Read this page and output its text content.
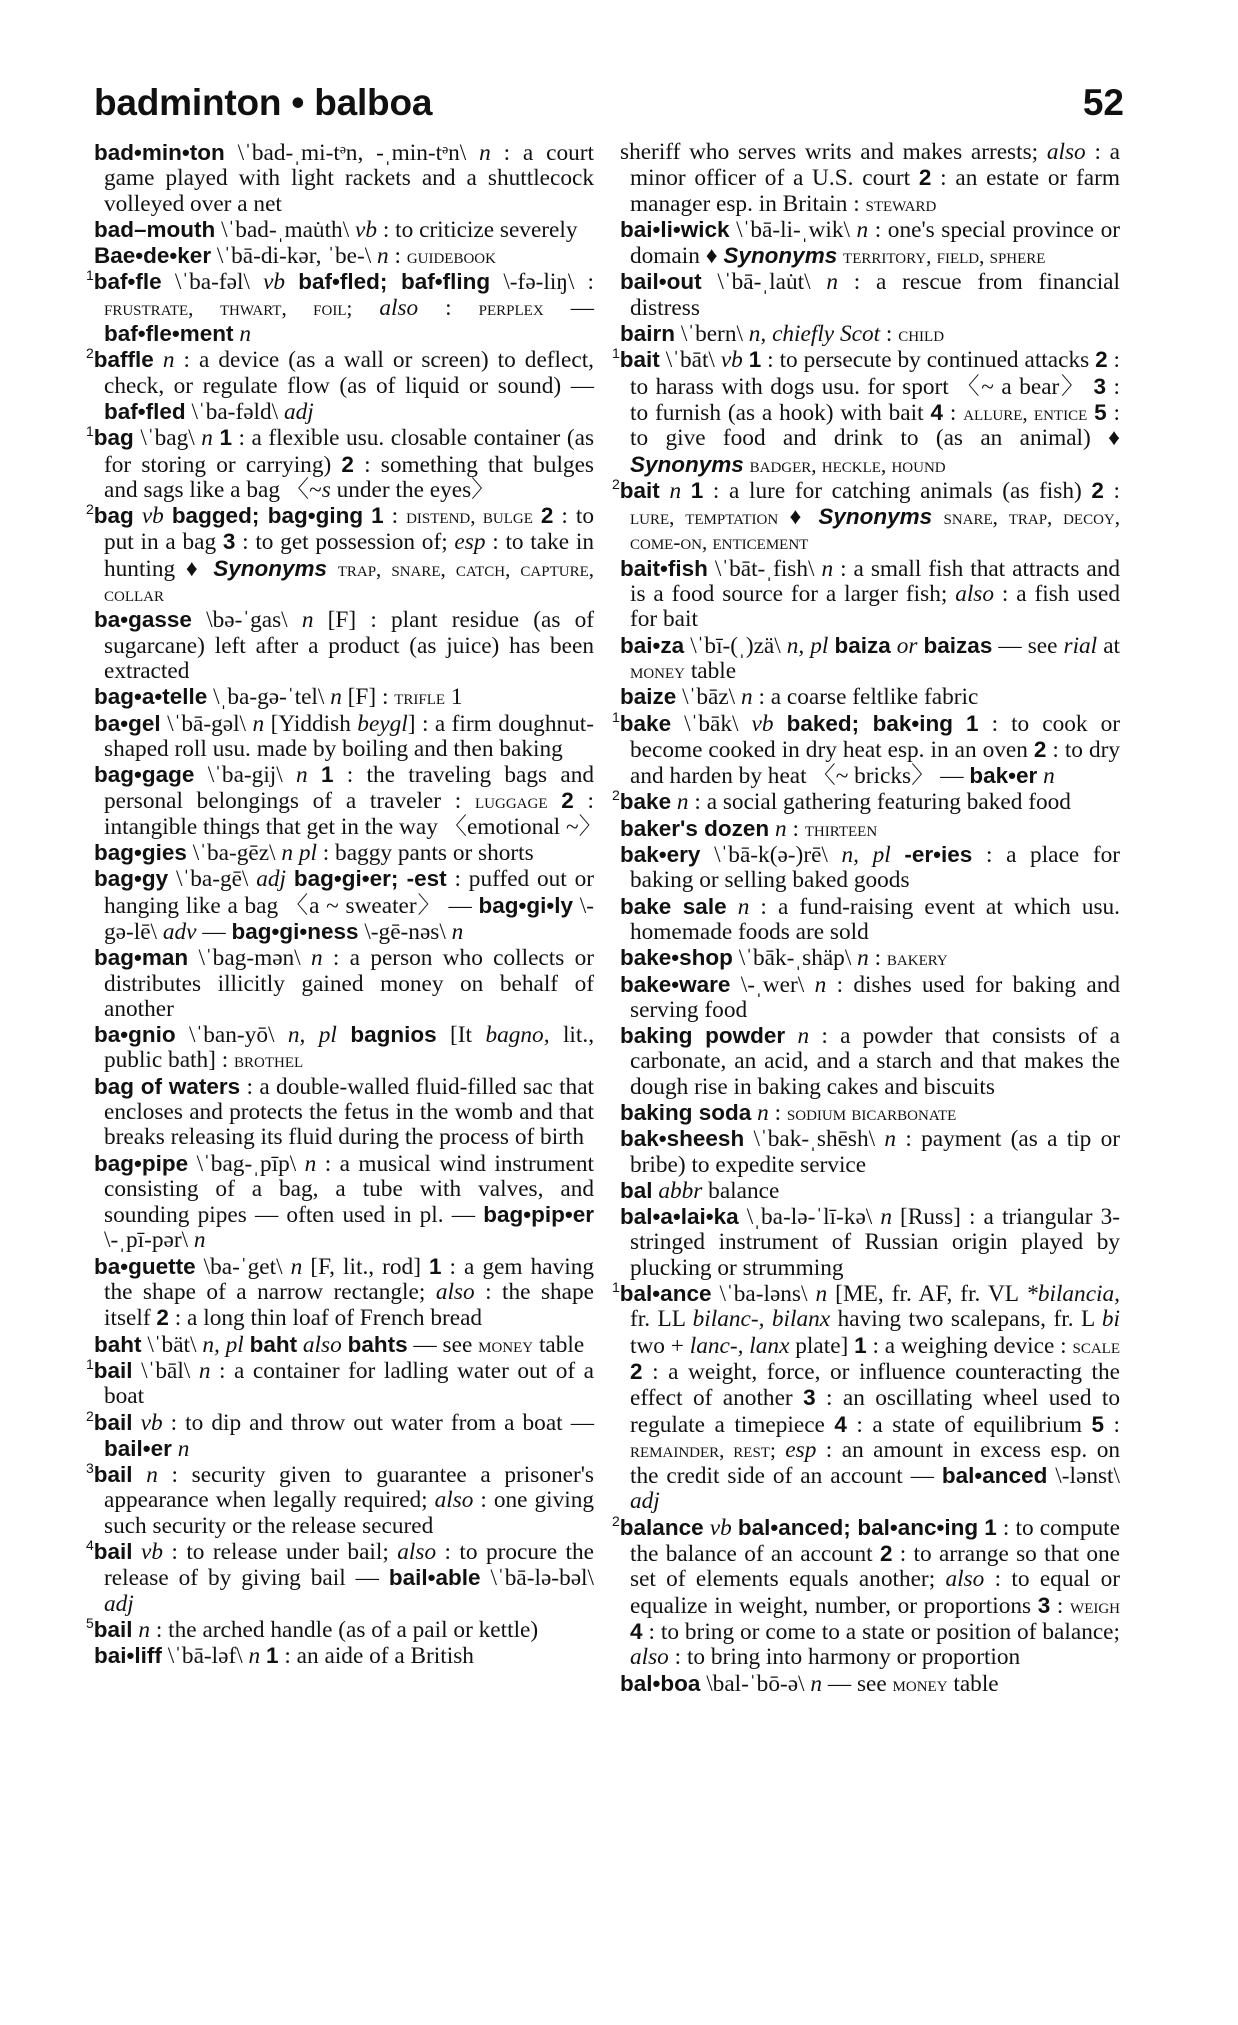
badminton • balboa	52

bad•min•ton \ˈbad-ˌmi-tᵊn, -ˌmin-tᵊn\ n : a court game played with light rackets and a shuttlecock volleyed over a net

bad–mouth \ˈbad-ˌmau̇th\ vb : to criticize severely

Bae•de•ker \ˈbā-di-kər, ˈbe-\ n : guidebook

$^1$baf•fle \ˈba-fəl\ vb baf•fled; baf•fling \-fə-liŋ\ : frustrate, thwart, foil; also : perplex — baf•fle•ment n

$^2$baffle n : a device (as a wall or screen) to deflect, check, or regulate flow (as of liquid or sound) — baf•fled \ˈba-fəld\ adj

$^1$bag \ˈbag\ n 1 : a flexible usu. closable container (as for storing or carrying) 2 : something that bulges and sags like a bag 〈~s under the eyes〉

$^2$bag vb bagged; bag•ging 1 : distend, bulge 2 : to put in a bag 3 : to get possession of; esp : to take in hunting ♦ Synonyms trap, snare, catch, capture, collar

ba•gasse \bə-ˈgas\ n [F] : plant residue (as of sugarcane) left after a product (as juice) has been extracted

bag•a•telle \ˌba-gə-ˈtel\ n [F] : trifle 1

ba•gel \ˈbā-gəl\ n [Yiddish beygl] : a firm doughnut-shaped roll usu. made by boiling and then baking

bag•gage \ˈba-gij\ n 1 : the traveling bags and personal belongings of a traveler : luggage 2 : intangible things that get in the way 〈emotional ~〉

bag•gies \ˈba-gēz\ n pl : baggy pants or shorts

bag•gy \ˈba-gē\ adj bag•gi•er; -est : puffed out or hanging like a bag 〈a ~ sweater〉 — bag•gi•ly \-gə-lē\ adv — bag•gi•ness \-gē-nəs\ n

bag•man \ˈbag-mən\ n : a person who collects or distributes illicitly gained money on behalf of another

ba•gnio \ˈban-yō\ n, pl bagnios [It bagno, lit., public bath] : brothel

bag of waters : a double-walled fluid-filled sac that encloses and protects the fetus in the womb and that breaks releasing its fluid during the process of birth

bag•pipe \ˈbag-ˌpīp\ n : a musical wind instrument consisting of a bag, a tube with valves, and sounding pipes — often used in pl. — bag•pip•er \-ˌpī-pər\ n

ba•guette \ba-ˈget\ n [F, lit., rod] 1 : a gem having the shape of a narrow rectangle; also : the shape itself 2 : a long thin loaf of French bread

baht \ˈbät\ n, pl baht also bahts — see money table

$^1$bail \ˈbāl\ n : a container for ladling water out of a boat

$^2$bail vb : to dip and throw out water from a boat — bail•er n

$^3$bail n : security given to guarantee a prisoner's appearance when legally required; also : one giving such security or the release secured

$^4$bail vb : to release under bail; also : to procure the release of by giving bail — bail•able \ˈbā-lə-bəl\ adj

$^5$bail n : the arched handle (as of a pail or kettle)

bai•liff \ˈbā-ləf\ n 1 : an aide of a British

sheriff who serves writs and makes arrests; also : a minor officer of a U.S. court 2 : an estate or farm manager esp. in Britain : steward

bai•li•wick \ˈbā-li-ˌwik\ n : one's special province or domain ♦ Synonyms territory, field, sphere

bail•out \ˈbā-ˌlau̇t\ n : a rescue from financial distress

bairn \ˈbern\ n, chiefly Scot : child

$^1$bait \ˈbāt\ vb 1 : to persecute by continued attacks 2 : to harass with dogs usu. for sport 〈~ a bear〉 3 : to furnish (as a hook) with bait 4 : allure, entice 5 : to give food and drink to (as an animal) ♦ Synonyms badger, heckle, hound

$^2$bait n 1 : a lure for catching animals (as fish) 2 : lure, temptation ♦ Synonyms snare, trap, decoy, come-on, enticement

bait•fish \ˈbāt-ˌfish\ n : a small fish that attracts and is a food source for a larger fish; also : a fish used for bait

bai•za \ˈbī-(ˌ)zä\ n, pl baiza or baizas — see rial at money table

baize \ˈbāz\ n : a coarse feltlike fabric

$^1$bake \ˈbāk\ vb baked; bak•ing 1 : to cook or become cooked in dry heat esp. in an oven 2 : to dry and harden by heat 〈~ bricks〉 — bak•er n

$^2$bake n : a social gathering featuring baked food

baker's dozen n : thirteen

bak•ery \ˈbā-k(ə-)rē\ n, pl -er•ies : a place for baking or selling baked goods

bake sale n : a fund-raising event at which usu. homemade foods are sold

bake•shop \ˈbāk-ˌshäp\ n : bakery

bake•ware \-ˌwer\ n : dishes used for baking and serving food

baking powder n : a powder that consists of a carbonate, an acid, and a starch and that makes the dough rise in baking cakes and biscuits

baking soda n : sodium bicarbonate

bak•sheesh \ˈbak-ˌshēsh\ n : payment (as a tip or bribe) to expedite service

bal abbr balance

bal•a•lai•ka \ˌba-lə-ˈlī-kə\ n [Russ] : a triangular 3-stringed instrument of Russian origin played by plucking or strumming

$^1$bal•ance \ˈba-ləns\ n [ME, fr. AF, fr. VL *bilancia, fr. LL bilanc-, bilanx having two scalepans, fr. L bi two + lanc-, lanx plate] 1 : a weighing device : scale 2 : a weight, force, or influence counteracting the effect of another 3 : an oscillating wheel used to regulate a timepiece 4 : a state of equilibrium 5 : remainder, rest; esp : an amount in excess esp. on the credit side of an account — bal•anced \-lənst\ adj

$^2$balance vb bal•anced; bal•anc•ing 1 : to compute the balance of an account 2 : to arrange so that one set of elements equals another; also : to equal or equalize in weight, number, or proportions 3 : weigh 4 : to bring or come to a state or position of balance; also : to bring into harmony or proportion

bal•boa \bal-ˈbō-ə\ n — see money table
